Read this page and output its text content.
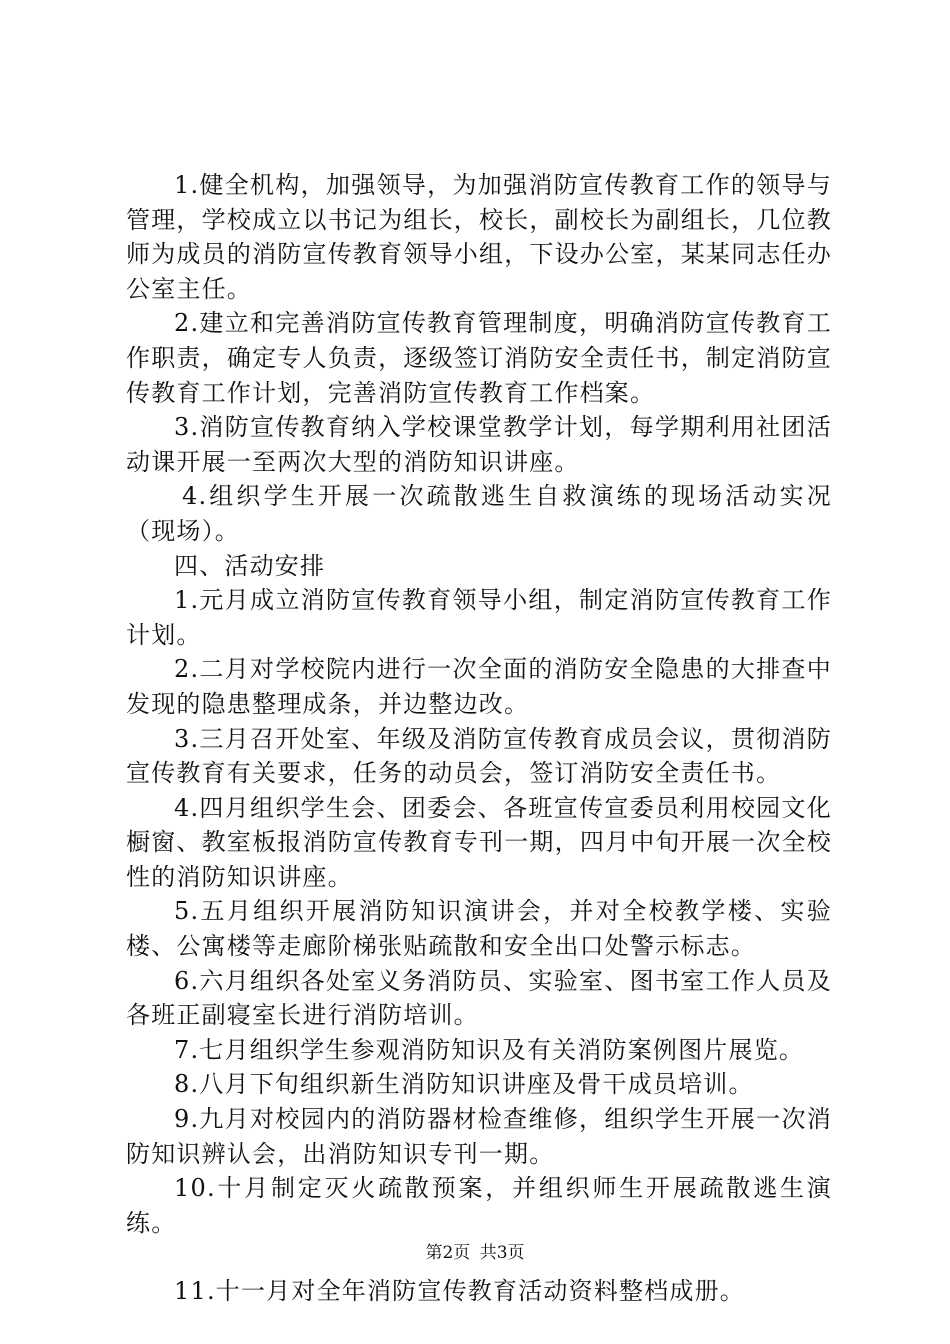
1.健全机构，加强领导，为加强消防宣传教育工作的领导与管理，学校成立以书记为组长，校长，副校长为副组长，几位教师为成员的消防宣传教育领导小组，下设办公室，某某同志任办公室主任。

2.建立和完善消防宣传教育管理制度，明确消防宣传教育工作职责，确定专人负责，逐级签订消防安全责任书，制定消防宣传教育工作计划，完善消防宣传教育工作档案。

3.消防宣传教育纳入学校课堂教学计划，每学期利用社团活动课开展一至两次大型的消防知识讲座。

4.组织学生开展一次疏散逃生自救演练的现场活动实况（现场）。

四、活动安排

1.元月成立消防宣传教育领导小组，制定消防宣传教育工作计划。

2.二月对学校院内进行一次全面的消防安全隐患的大排查中发现的隐患整理成条，并边整边改。

3.三月召开处室、年级及消防宣传教育成员会议，贯彻消防宣传教育有关要求，任务的动员会，签订消防安全责任书。

4.四月组织学生会、团委会、各班宣传宣委员利用校园文化橱窗、教室板报消防宣传教育专刊一期，四月中旬开展一次全校性的消防知识讲座。

5.五月组织开展消防知识演讲会，并对全校教学楼、实验楼、公寓楼等走廊阶梯张贴疏散和安全出口处警示标志。

6.六月组织各处室义务消防员、实验室、图书室工作人员及各班正副寝室长进行消防培训。

7.七月组织学生参观消防知识及有关消防案例图片展览。

8.八月下旬组织新生消防知识讲座及骨干成员培训。

9.九月对校园内的消防器材检查维修，组织学生开展一次消防知识辨认会，出消防知识专刊一期。

10.十月制定灭火疏散预案，并组织师生开展疏散逃生演练。

11.十一月对全年消防宣传教育活动资料整档成册。

第2页 共3页
